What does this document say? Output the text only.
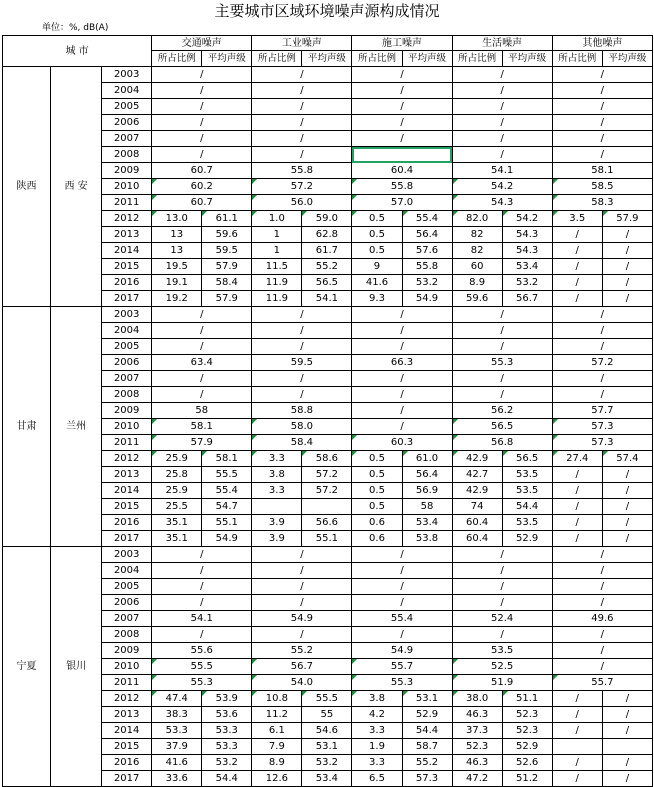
主要城市区域环境噪声源构成情况
单位：%, dB(A)
城 市			交通噪声		工业噪声		施工噪声		生活噪声		其他噪声	
			所占比例	平均声级	所占比例	平均声级	所占比例	平均声级	所占比例	平均声级	所占比例	平均声级
陕西	西 安	2003	/		/		/		/		/	
		2004	/		/		/		/		/	
		2005	/		/		/		/		/	
		2006	/		/		/		/		/	
		2007	/		/		/		/		/	
		2008	/		/				/		/	
		2009	60.7		55.8		60.4		54.1		58.1	
		2010	60.2		57.2		55.8		54.2		58.5	

		2011	60.7		56.0		57.0		54.3		58.3	

		2012	13.0	61.1	1.0	59.0	0.5	55.4	82.0	54.2	3.5	57.9

		2013	13	59.6	1	62.8	0.5	56.4	82	54.3	/	/
		2014	13	59.5	1	61.7	0.5	57.6	82	54.3	/	/
		2015	19.5	57.9	11.5	55.2	9	55.8	60	53.4	/	/
		2016	19.1	58.4	11.9	56.5	41.6	53.2	8.9	53.2	/	/
		2017	19.2	57.9	11.9	54.1	9.3	54.9	59.6	56.7	/	/
甘肃	兰州	2003	/		/		/		/		/	
		2004	/		/		/		/		/	
		2005	/		/		/		/		/	
		2006	63.4		59.5		66.3		55.3		57.2	
		2007	/		/		/		/		/	
		2008	/		/		/		/		/	
		2009	58		58.8		/		56.2		57.7	
		2010	58.1		58.0		/		56.5		57.3	

		2011	57.9		58.4		60.3		56.8		57.3	

		2012	25.9	58.1	3.3	58.6	0.5	61.0	42.9	56.5	27.4	57.4

		2013	25.8	55.5	3.8	57.2	0.5	56.4	42.7	53.5	/	/
		2014	25.9	55.4	3.3	57.2	0.5	56.9	42.9	53.5	/	/
		2015	25.5	54.7			0.5	58	74	54.4	/	/
		2016	35.1	55.1	3.9	56.6	0.6	53.4	60.4	53.5	/	/
		2017	35.1	54.9	3.9	55.1	0.6	53.8	60.4	52.9	/	/
宁夏	银川	2003	/		/		/		/		/	
		2004	/		/		/		/		/	
		2005	/		/		/		/		/	
		2006	/		/		/		/		/	
		2007	54.1		54.9		55.4		52.4		49.6	
		2008	/		/		/		/		/	
		2009	55.6		55.2		54.9		53.5		/	
		2010	55.5		56.7		55.7		52.5		/	
		2011	55.3		54.0		55.3		51.9		55.7	

		2012	47.4	53.9	10.8	55.5	3.8	53.1	38.0	51.1	/	/
		2013	38.3	53.6	11.2	55	4.2	52.9	46.3	52.3	/	/
		2014	53.3	53.3	6.1	54.6	3.3	54.4	37.3	52.3	/	/
		2015	37.9	53.3	7.9	53.1	1.9	58.7	52.3	52.9		
		2016	41.6	53.2	8.9	53.2	3.3	55.2	46.3	52.6	/	/
		2017	33.6	54.4	12.6	53.4	6.5	57.3	47.2	51.2	/	/
